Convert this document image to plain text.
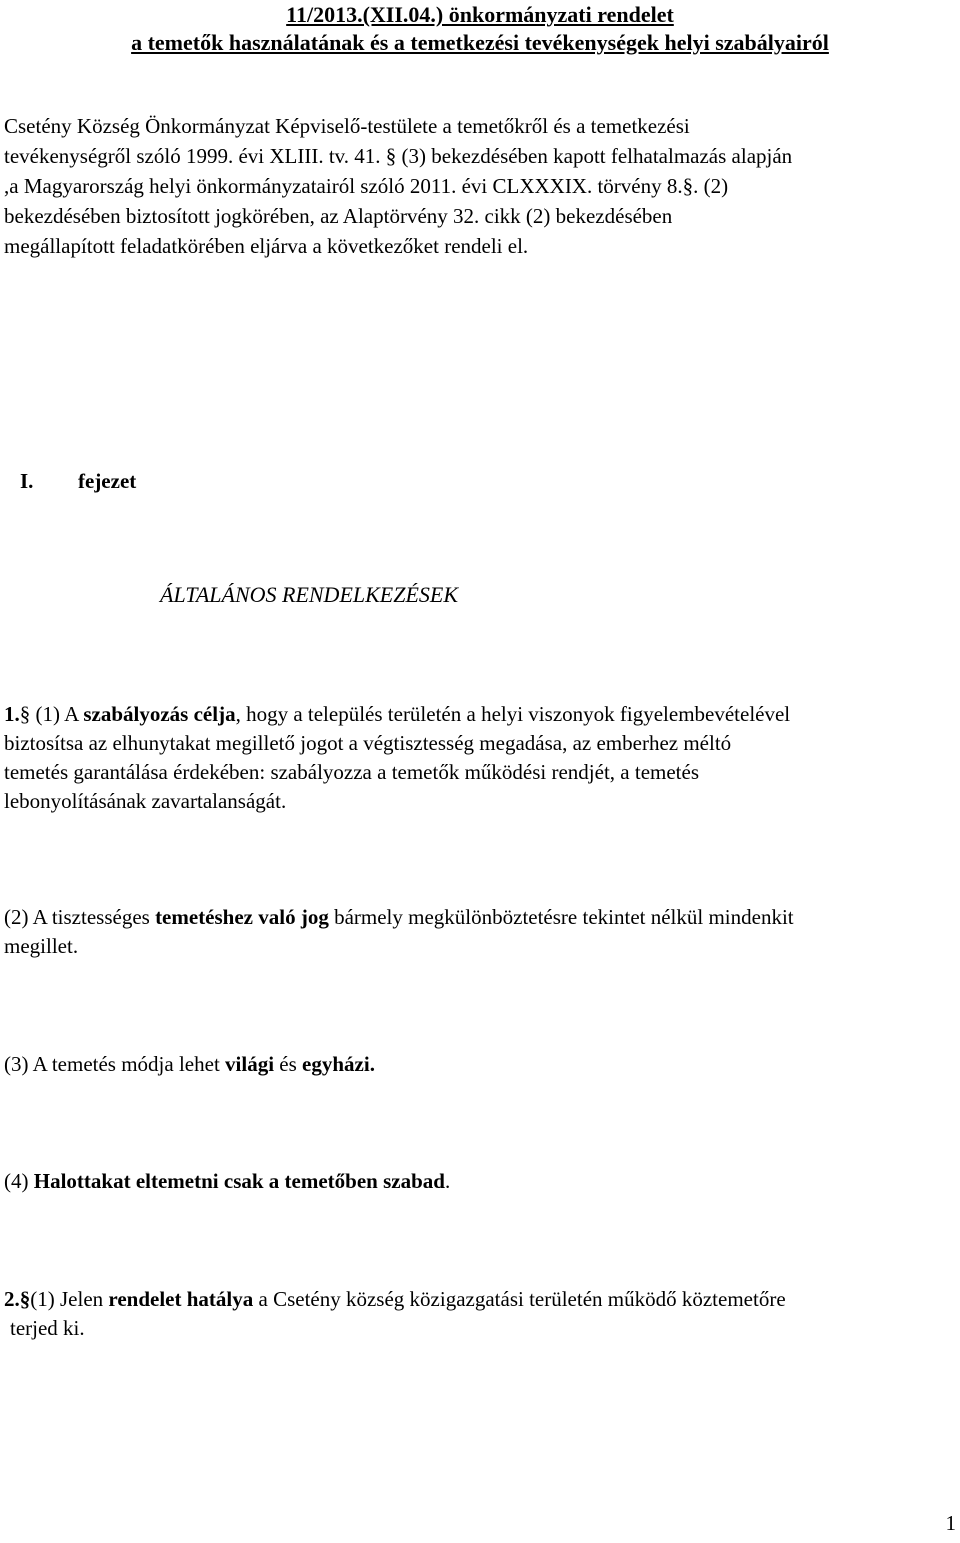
11/2013.(XII.04.) önkormányzati rendelet
a temetők használatának és a temetkezési tevékenységek helyi szabályairól
Csetény Község Önkormányzat Képviselő-testülete a temetőkről és a temetkezési
tevékenységről szóló 1999. évi XLIII. tv. 41. § (3) bekezdésében kapott felhatalmazás alapján
,a Magyarország helyi önkormányzatairól szóló 2011. évi CLXXXIX. törvény 8.§. (2)
bekezdésében biztosított jogkörében, az Alaptörvény 32. cikk (2) bekezdésében
megállapított feladatkörében eljárva a következőket rendeli el.
I. fejezet
ÁLTALÁNOS RENDELKEZÉSEK
1.§ (1) A szabályozás célja, hogy a település területén a helyi viszonyok figyelembevételével
biztosítsa az elhunytakat megillető jogot a végtisztesség megadása, az emberhez méltó
temetés garantálása érdekében: szabályozza a temetők működési rendjét, a temetés
lebonyolításának zavartalanságát.
(2) A tisztességes temetéshez való jog bármely megkülönböztetésre tekintet nélkül mindenkit
megillet.
(3) A temetés módja lehet világi és egyházi.
(4) Halottakat eltemetni csak a temetőben szabad.
2.§(1) Jelen rendelet hatálya a Csetény község közigazgatási területén működő köztemetőre
terjed ki.
1
